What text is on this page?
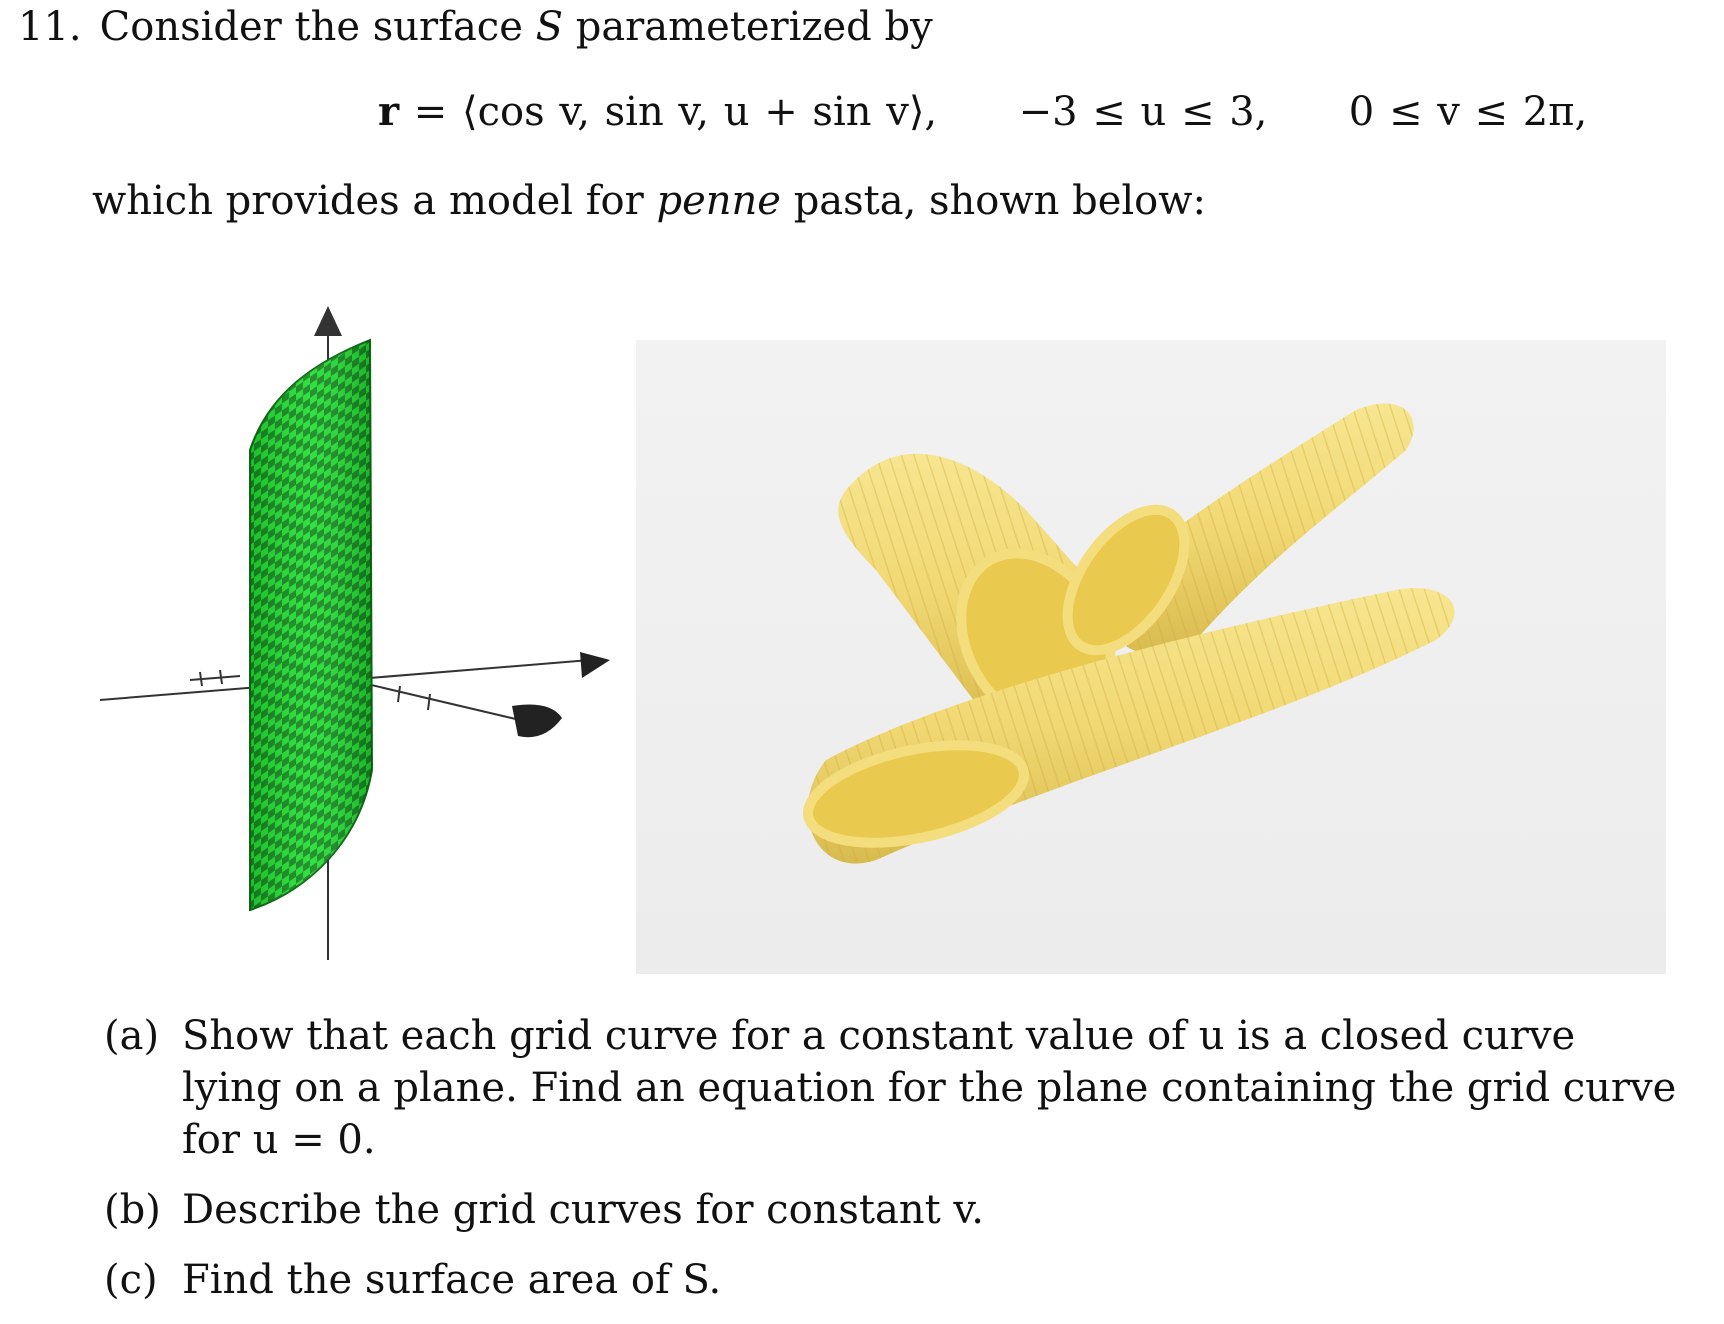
11. Consider the surface S parameterized by
r = ⟨cos v, sin v, u + sin v⟩, −3 ≤ u ≤ 3, 0 ≤ v ≤ 2π,
which provides a model for penne pasta, shown below:
(a) Show that each grid curve for a constant value of u is a closed curve lying on a plane. Find an equation for the plane containing the grid curve for u = 0.
(b) Describe the grid curves for constant v.
(c) Find the surface area of S.
